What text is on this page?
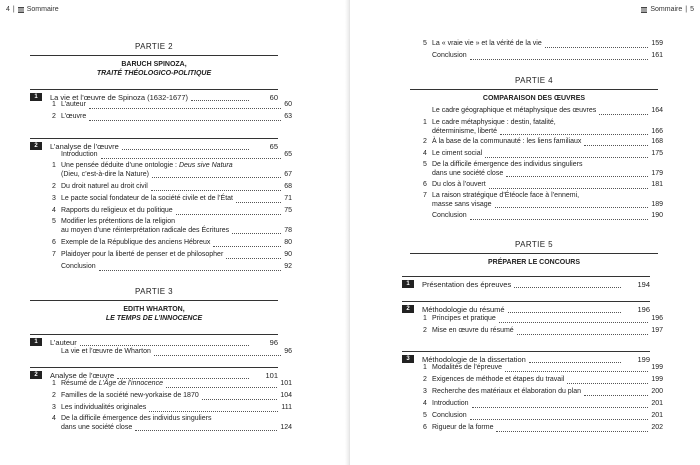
4 | Sommaire
PARTIE 2
BARUCH SPINOZA,
TRAITÉ THÉOLOGICO-POLITIQUE
1	La vie et l’œuvre de Spinoza (1632-1677)	60
1 L’auteur	60
2 L’œuvre	63
2	L’analyse de l’œuvre	65
Introduction	65
1 Une pensée déduite d’une ontologie : Deus sive Natura
(Dieu, c’est-à-dire la Nature)	67
2 Du droit naturel au droit civil	68
3 Le pacte social fondateur de la société civile et de l’État	71
4 Rapports du religieux et du politique	75
5 Modifier les prétentions de la religion
au moyen d’une réinterprétation radicale des Écritures	78
6 Exemple de la République des anciens Hébreux	80
7 Plaidoyer pour la liberté de penser et de philosopher	90
Conclusion	92
PARTIE 3
EDITH WHARTON,
LE TEMPS DE L’INNOCENCE
1	L’auteur	96
La vie et l’œuvre de Wharton	96
2	Analyse de l’œuvre	101
1 Résumé de L’Âge de l’innocence	101
2 Familles de la société new-yorkaise de 1870	104
3 Les individualités originales	111
4 De la difficile émergence des individus singuliers
dans une société close	124
Sommaire | 5
5 La « vraie vie » et la vérité de la vie	159
Conclusion	161
PARTIE 4
COMPARAISON DES ŒUVRES
Le cadre géographique et métaphysique des œuvres	164
1 Le cadre métaphysique : destin, fatalité,
déterminisme, liberté	166
2 À la base de la communauté : les liens familiaux	168
4 Le ciment social	175
5 De la difficile émergence des individus singuliers
dans une société close	179
6 Du clos à l’ouvert	181
7 La raison stratégique d’Étéocle face à l’ennemi,
masse sans visage	189
Conclusion	190
PARTIE 5
PRÉPARER LE CONCOURS
1	Présentation des épreuves	194
2	Méthodologie du résumé	196
1 Principes et pratique	196
2 Mise en œuvre du résumé	197
3	Méthodologie de la dissertation	199
1 Modalités de l’épreuve	199
2 Exigences de méthode et étapes du travail	199
3 Recherche des matériaux et élaboration du plan	200
4 Introduction	201
5 Conclusion	201
6 Rigueur de la forme	202
